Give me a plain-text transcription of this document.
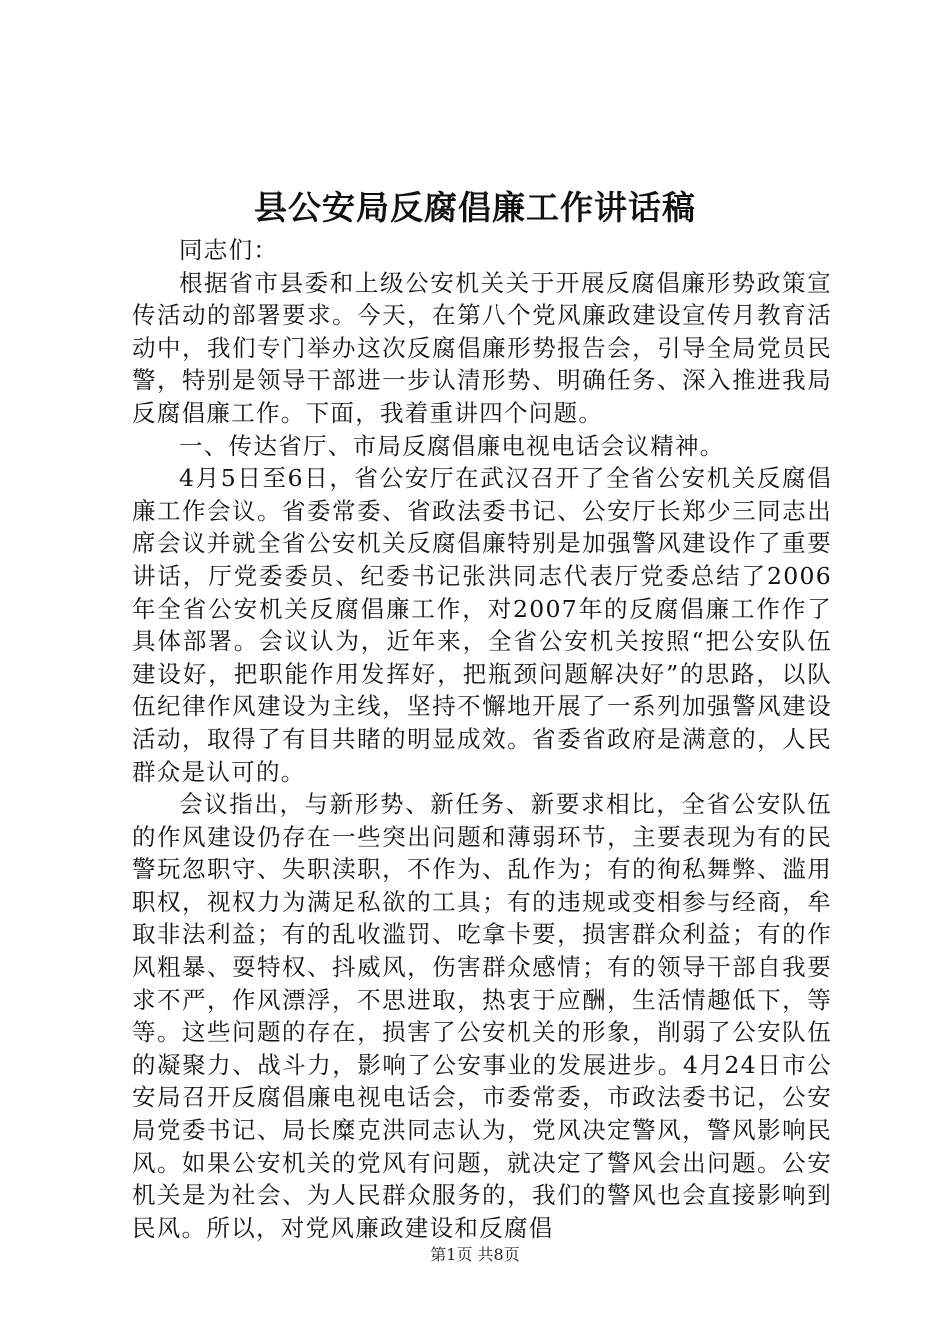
县公安局反腐倡廉工作讲话稿

同志们：

根据省市县委和上级公安机关关于开展反腐倡廉形势政策宣传活动的部署要求。今天，在第八个党风廉政建设宣传月教育活动中，我们专门举办这次反腐倡廉形势报告会，引导全局党员民警，特别是领导干部进一步认清形势、明确任务、深入推进我局反腐倡廉工作。下面，我着重讲四个问题。

一、传达省厅、市局反腐倡廉电视电话会议精神。

4月5日至6日，省公安厅在武汉召开了全省公安机关反腐倡廉工作会议。省委常委、省政法委书记、公安厅长郑少三同志出席会议并就全省公安机关反腐倡廉特别是加强警风建设作了重要讲话，厅党委委员、纪委书记张洪同志代表厅党委总结了2006年全省公安机关反腐倡廉工作，对2007年的反腐倡廉工作作了具体部署。会议认为，近年来，全省公安机关按照“把公安队伍建设好，把职能作用发挥好，把瓶颈问题解决好”的思路，以队伍纪律作风建设为主线，坚持不懈地开展了一系列加强警风建设活动，取得了有目共睹的明显成效。省委省政府是满意的，人民群众是认可的。

会议指出，与新形势、新任务、新要求相比，全省公安队伍的作风建设仍存在一些突出问题和薄弱环节，主要表现为有的民警玩忽职守、失职渎职，不作为、乱作为；有的徇私舞弊、滥用职权，视权力为满足私欲的工具；有的违规或变相参与经商，牟取非法利益；有的乱收滥罚、吃拿卡要，损害群众利益；有的作风粗暴、耍特权、抖威风，伤害群众感情；有的领导干部自我要求不严，作风漂浮，不思进取，热衷于应酬，生活情趣低下，等等。这些问题的存在，损害了公安机关的形象，削弱了公安队伍的凝聚力、战斗力，影响了公安事业的发展进步。4月24日市公安局召开反腐倡廉电视电话会，市委常委，市政法委书记，公安局党委书记、局长糜克洪同志认为，党风决定警风，警风影响民风。如果公安机关的党风有问题，就决定了警风会出问题。公安机关是为社会、为人民群众服务的，我们的警风也会直接影响到民风。所以，对党风廉政建设和反腐倡

第1页 共8页
